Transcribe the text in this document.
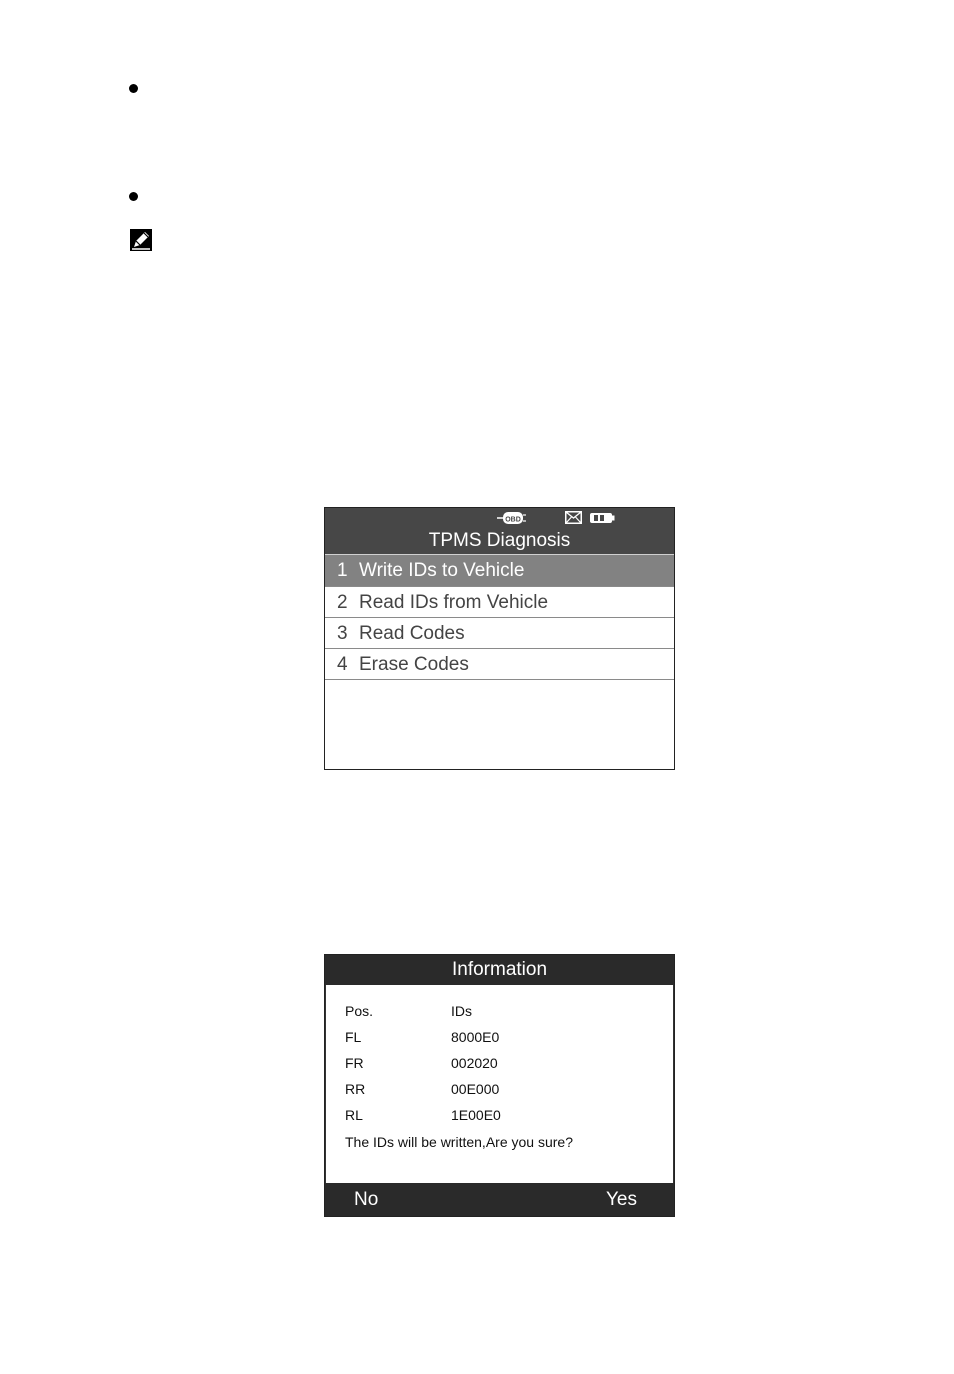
OBD
TPMS Diagnosis
1 Write IDs to Vehicle
2 Read IDs from Vehicle
3 Read Codes
4 Erase Codes
Information
Pos.	IDs
FL	8000E0
FR	002020
RR	00E000
RL	1E00E0
The IDs will be written,Are you sure?
No	Yes
